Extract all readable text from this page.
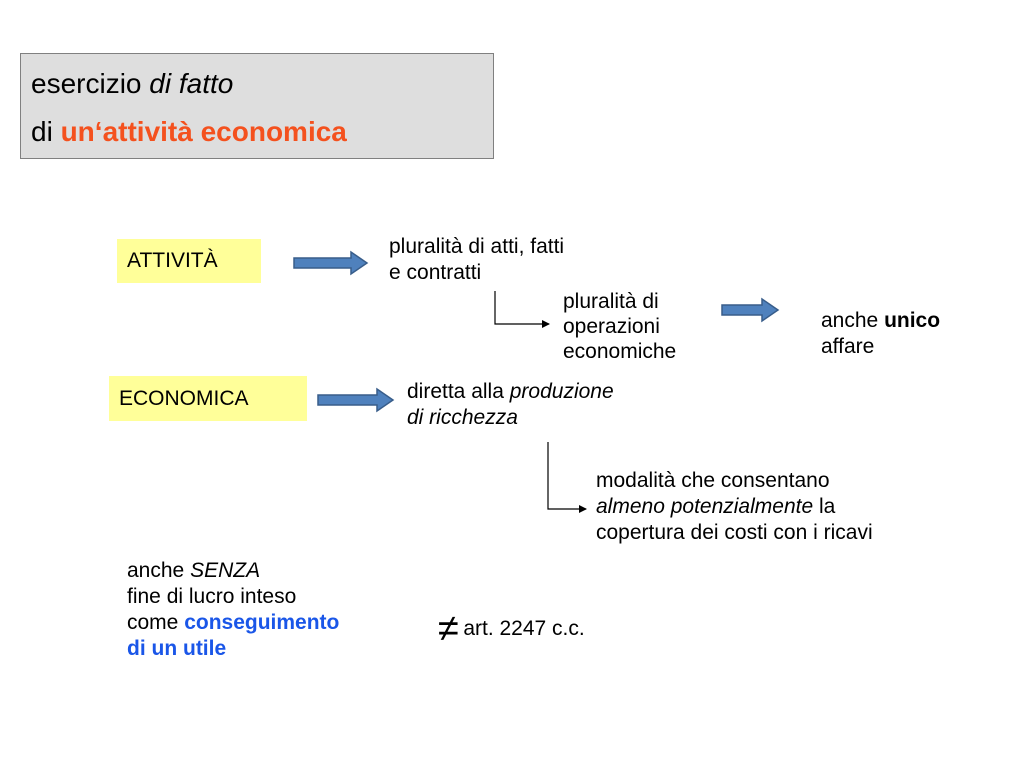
esercizio di fatto
di un‘attività economica
ATTIVITÀ
ECONOMICA
pluralità di atti, fatti
e contratti
pluralità di
operazioni
economiche
anche unico
affare
diretta alla produzione
di ricchezza
modalità che consentano
almeno potenzialmente la
copertura dei costi con i ricavi
anche SENZA
fine di lucro inteso
come conseguimento
di un utile	≠ art. 2247 c.c.
